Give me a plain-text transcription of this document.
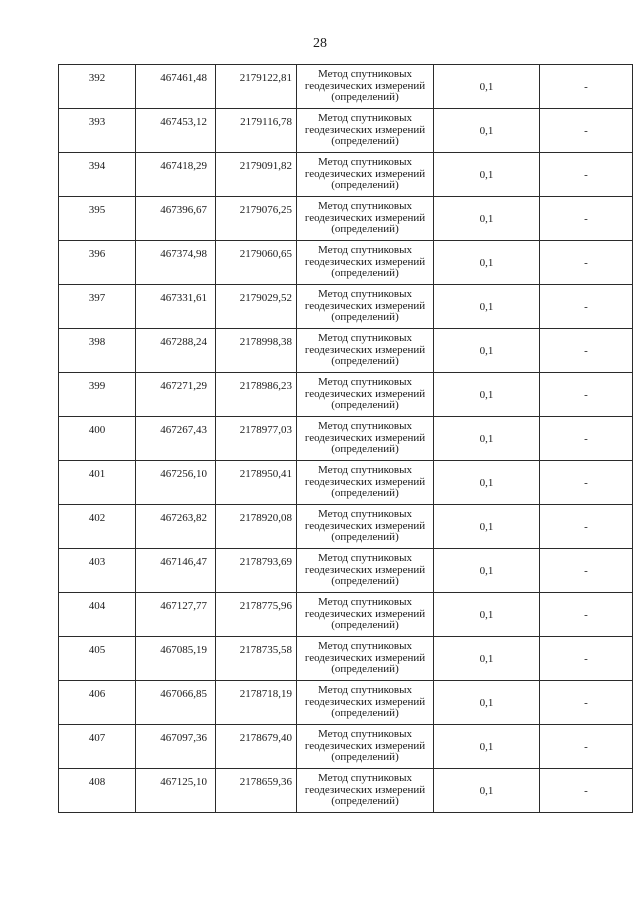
28
392	467461,48	2179122,81	Метод спутниковых
геодезических измерений
(определений)	0,1	-
393	467453,12	2179116,78	Метод спутниковых
геодезических измерений
(определений)	0,1	-
394	467418,29	2179091,82	Метод спутниковых
геодезических измерений
(определений)	0,1	-
395	467396,67	2179076,25	Метод спутниковых
геодезических измерений
(определений)	0,1	-
396	467374,98	2179060,65	Метод спутниковых
геодезических измерений
(определений)	0,1	-
397	467331,61	2179029,52	Метод спутниковых
геодезических измерений
(определений)	0,1	-
398	467288,24	2178998,38	Метод спутниковых
геодезических измерений
(определений)	0,1	-
399	467271,29	2178986,23	Метод спутниковых
геодезических измерений
(определений)	0,1	-
400	467267,43	2178977,03	Метод спутниковых
геодезических измерений
(определений)	0,1	-
401	467256,10	2178950,41	Метод спутниковых
геодезических измерений
(определений)	0,1	-
402	467263,82	2178920,08	Метод спутниковых
геодезических измерений
(определений)	0,1	-
403	467146,47	2178793,69	Метод спутниковых
геодезических измерений
(определений)	0,1	-
404	467127,77	2178775,96	Метод спутниковых
геодезических измерений
(определений)	0,1	-
405	467085,19	2178735,58	Метод спутниковых
геодезических измерений
(определений)	0,1	-
406	467066,85	2178718,19	Метод спутниковых
геодезических измерений
(определений)	0,1	-
407	467097,36	2178679,40	Метод спутниковых
геодезических измерений
(определений)	0,1	-
408	467125,10	2178659,36	Метод спутниковых
геодезических измерений
(определений)	0,1	-
